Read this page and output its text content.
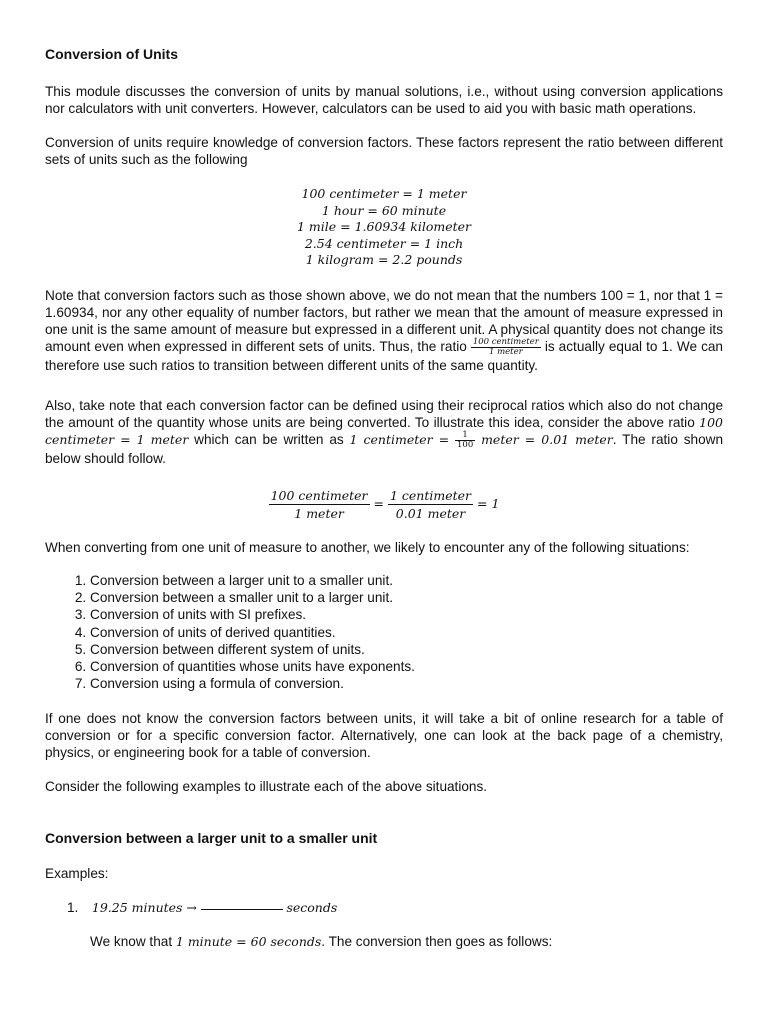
Conversion of Units
This module discusses the conversion of units by manual solutions, i.e., without using conversion applications nor calculators with unit converters. However, calculators can be used to aid you with basic math operations.
Conversion of units require knowledge of conversion factors. These factors represent the ratio between different sets of units such as the following
100 centimeter = 1 meter
1 hour = 60 minute
1 mile = 1.60934 kilometer
2.54 centimeter = 1 inch
1 kilogram = 2.2 pounds
Note that conversion factors such as those shown above, we do not mean that the numbers 100 = 1, nor that 1 = 1.60934, nor any other equality of number factors, but rather we mean that the amount of measure expressed in one unit is the same amount of measure but expressed in a different unit. A physical quantity does not change its amount even when expressed in different sets of units. Thus, the ratio $\frac{\text{100 centimeter}}{\text{1 meter}}$ is actually equal to 1. We can therefore use such ratios to transition between different units of the same quantity.
Also, take note that each conversion factor can be defined using their reciprocal ratios which also do not change the amount of the quantity whose units are being converted. To illustrate this idea, consider the above ratio 100 centimeter = 1 meter which can be written as 1 centimeter = $\frac{1}{100}$ meter = 0.01 meter. The ratio shown below should follow.
$\frac{\text{100 centimeter}}{\text{1 meter}} = \frac{\text{1 centimeter}}{\text{0.01 meter}} = 1$
When converting from one unit of measure to another, we likely to encounter any of the following situations:
1. Conversion between a larger unit to a smaller unit.
2. Conversion between a smaller unit to a larger unit.
3. Conversion of units with SI prefixes.
4. Conversion of units of derived quantities.
5. Conversion between different system of units.
6. Conversion of quantities whose units have exponents.
7. Conversion using a formula of conversion.
If one does not know the conversion factors between units, it will take a bit of online research for a table of conversion or for a specific conversion factor. Alternatively, one can look at the back page of a chemistry, physics, or engineering book for a table of conversion.
Consider the following examples to illustrate each of the above situations.
Conversion between a larger unit to a smaller unit
Examples:
1. 19.25 minutes →	seconds
We know that 1 minute = 60 seconds. The conversion then goes as follows:
